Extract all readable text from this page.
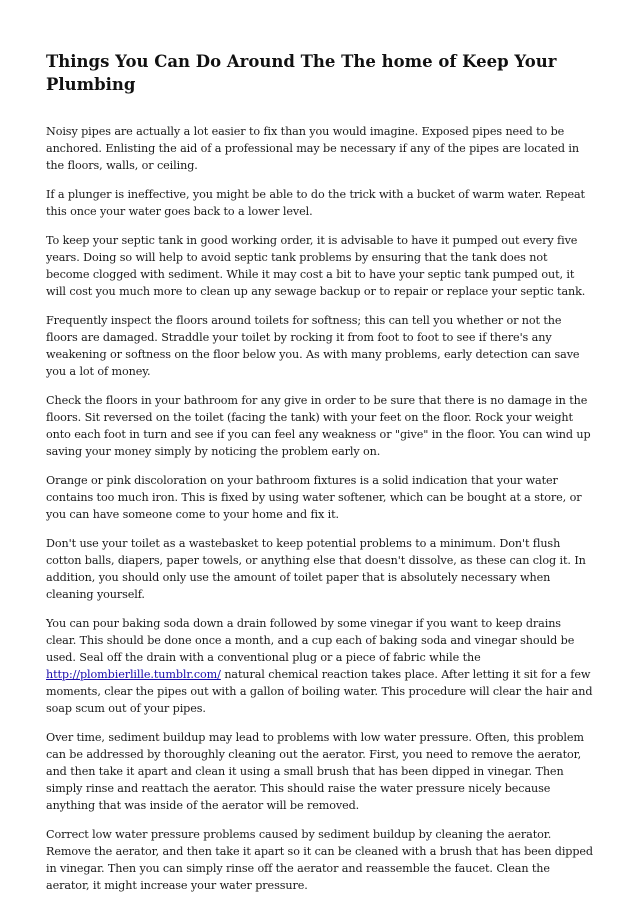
Things You Can Do Around The The home of Keep Your Plumbing

Noisy pipes are actually a lot easier to fix than you would imagine. Exposed pipes need to be anchored. Enlisting the aid of a professional may be necessary if any of the pipes are located in the floors, walls, or ceiling.

If a plunger is ineffective, you might be able to do the trick with a bucket of warm water. Repeat this once your water goes back to a lower level.

To keep your septic tank in good working order, it is advisable to have it pumped out every five years. Doing so will help to avoid septic tank problems by ensuring that the tank does not become clogged with sediment. While it may cost a bit to have your septic tank pumped out, it will cost you much more to clean up any sewage backup or to repair or replace your septic tank.

Frequently inspect the floors around toilets for softness; this can tell you whether or not the floors are damaged. Straddle your toilet by rocking it from foot to foot to see if there's any weakening or softness on the floor below you. As with many problems, early detection can save you a lot of money.

Check the floors in your bathroom for any give in order to be sure that there is no damage in the floors. Sit reversed on the toilet (facing the tank) with your feet on the floor. Rock your weight onto each foot in turn and see if you can feel any weakness or "give" in the floor. You can wind up saving your money simply by noticing the problem early on.

Orange or pink discoloration on your bathroom fixtures is a solid indication that your water contains too much iron. This is fixed by using water softener, which can be bought at a store, or you can have someone come to your home and fix it.

Don't use your toilet as a wastebasket to keep potential problems to a minimum. Don't flush cotton balls, diapers, paper towels, or anything else that doesn't dissolve, as these can clog it. In addition, you should only use the amount of toilet paper that is absolutely necessary when cleaning yourself.

You can pour baking soda down a drain followed by some vinegar if you want to keep drains clear. This should be done once a month, and a cup each of baking soda and vinegar should be used. Seal off the drain with a conventional plug or a piece of fabric while the http://plombierlille.tumblr.com/ natural chemical reaction takes place. After letting it sit for a few moments, clear the pipes out with a gallon of boiling water. This procedure will clear the hair and soap scum out of your pipes.

Over time, sediment buildup may lead to problems with low water pressure. Often, this problem can be addressed by thoroughly cleaning out the aerator. First, you need to remove the aerator, and then take it apart and clean it using a small brush that has been dipped in vinegar. Then simply rinse and reattach the aerator. This should raise the water pressure nicely because anything that was inside of the aerator will be removed.

Correct low water pressure problems caused by sediment buildup by cleaning the aerator. Remove the aerator, and then take it apart so it can be cleaned with a brush that has been dipped in vinegar. Then you can simply rinse off the aerator and reassemble the faucet. Clean the aerator, it might increase your water pressure.
